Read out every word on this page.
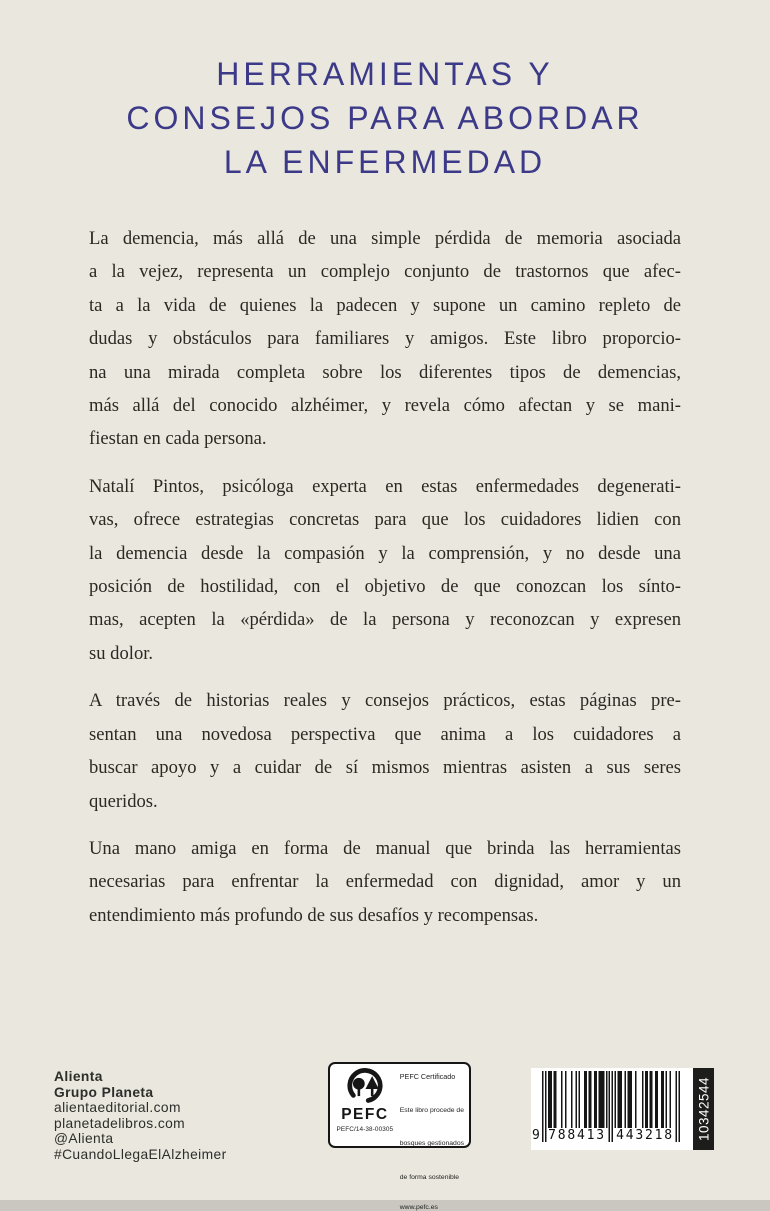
HERRAMIENTAS Y
CONSEJOS PARA ABORDAR
LA ENFERMEDAD

La demencia, más allá de una simple pérdida de memoria asociada
a la vejez, representa un complejo conjunto de trastornos que afec-
ta a la vida de quienes la padecen y supone un camino repleto de
dudas y obstáculos para familiares y amigos. Este libro proporcio-
na una mirada completa sobre los diferentes tipos de demencias,
más allá del conocido alzhéimer, y revela cómo afectan y se mani-
fiestan en cada persona.

Natalí Pintos, psicóloga experta en estas enfermedades degenerati-
vas, ofrece estrategias concretas para que los cuidadores lidien con
la demencia desde la compasión y la comprensión, y no desde una
posición de hostilidad, con el objetivo de que conozcan los sínto-
mas, acepten la «pérdida» de la persona y reconozcan y expresen
su dolor.

A través de historias reales y consejos prácticos, estas páginas pre-
sentan una novedosa perspectiva que anima a los cuidadores a
buscar apoyo y a cuidar de sí mismos mientras asisten a sus seres
queridos.

Una mano amiga en forma de manual que brinda las herramientas
necesarias para enfrentar la enfermedad con dignidad, amor y un
entendimiento más profundo de sus desafíos y recompensas.

Alienta
Grupo Planeta
alientaeditorial.com
planetadelibros.com
@Alienta
#CuandoLlegaElAlzheimer
PEFC
PEFC/14-38-00305
PEFC Certificado
Este libro procede de
bosques gestionados
de forma sostenible
www.pefc.es
9 788413 443218 10342544
